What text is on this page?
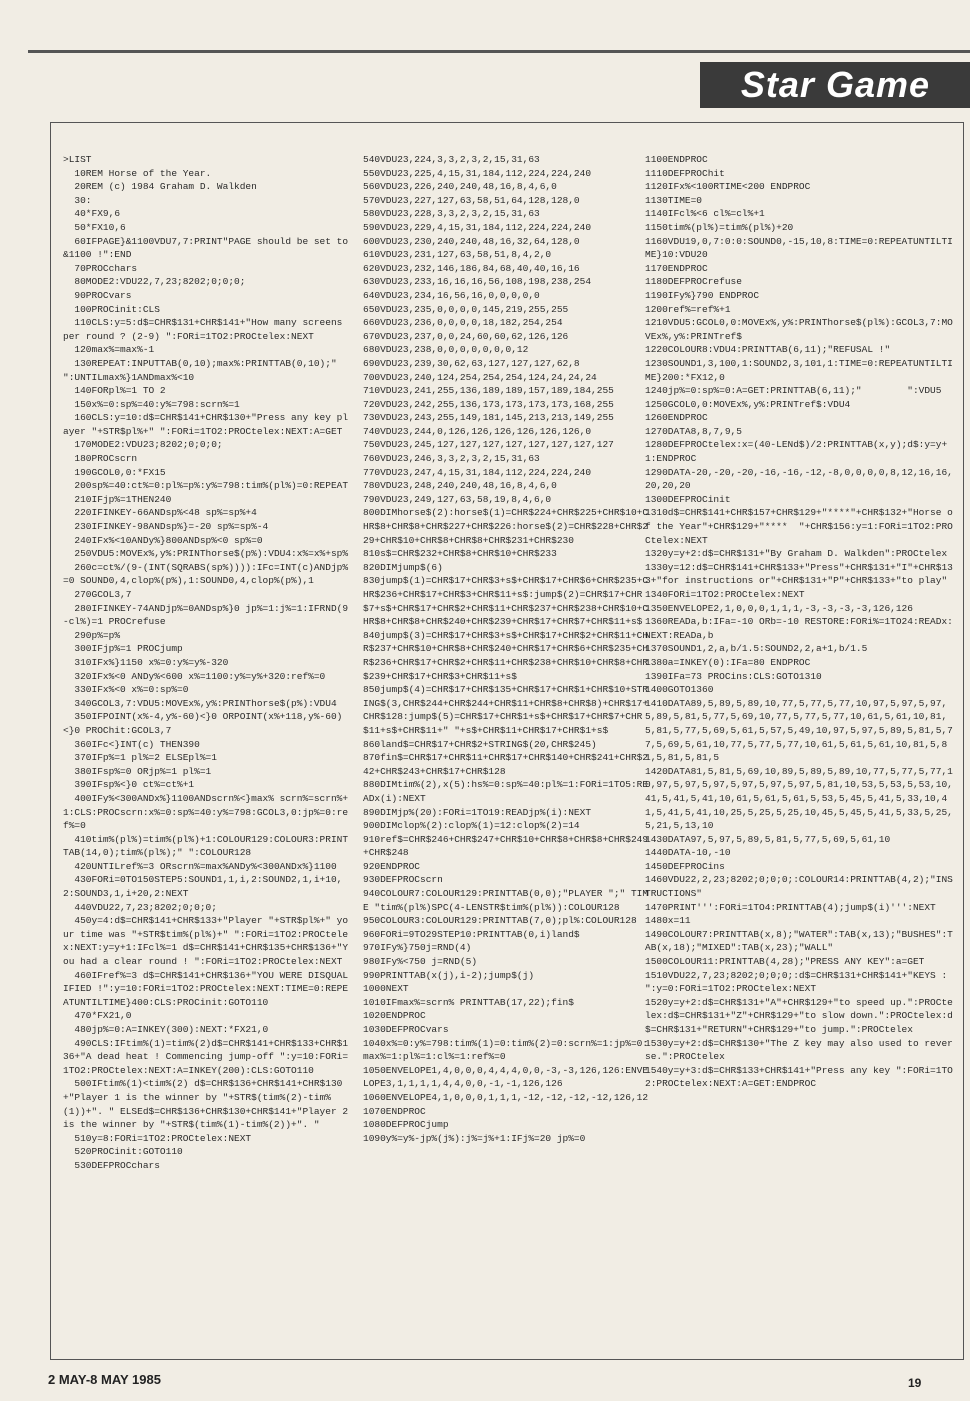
Star Game
>LIST
10REM Horse of the Year.
20REM (c) 1984 Graham D. Walkden
30:
40*FX9,6
50*FX10,6
60IFPAGE}&1100VDU7,7:PRINT"PAGE should be set to &1100 !":END
70PROCchars
80MODE2:VDU22,7,23;8202;0;0;0;
90PROCvars
100PROCinit:CLS
110CLS:y=5:d$=CHR$131+CHR$141+"How many screens per round ? (2-9) ":FORi=1TO2:PROCtelex:NEXT
120max%=max%-1
130REPEAT:INPUTTAB(0,10);max%:PRINTTAB(0,10);" ":UNTILmax%}1ANDmax%<10
140FORpl%=1 TO 2
150x%=0:sp%=40:y%=798:scrn%=1
160CLS:y=10:d$=CHR$141+CHR$130+"Press any key player "+STR$pl%+" ":FORi=1TO2:PROCtelex:NEXT:A=GET
170MODE2:VDU23;8202;0;0;0;
180PROCscrn
190GCOL0,0:*FX15
200sp%=40:ct%=0:pl%=p%:y%=798:tim%(pl%)=0:REPEAT
210IFjp%=1THEN240
220IFINKEY-66ANDsp%<48 sp%=sp%+4
230IFINKEY-98ANDsp%}=-20 sp%=sp%-4
240IFx%<10ANDy%}800ANDsp%<0 sp%=0
250VDU5:MOVEx%,y%:PRINThorse$(p%):VDU4:x%=x%+sp%
260c=ct%/(9-(INT(SQRABS(sp%)))):IFc=INT(c)ANDjp%=0 SOUND0,4,clop%(p%),1:SOUND0,4,clop%(p%),1
270GCOL3,7
280IFINKEY-74ANDjp%=0ANDsp%}0 jp%=1:j%=1:IFRND(9-cl%)=1 PROCrefuse
290p%=p%
300IFjp%=1 PROCjump
310IFx%}1150 x%=0:y%=y%-320
320IFx%<0 ANDy%<600 x%=1100:y%=y%+320:ref%=0
330IFx%<0 x%=0:sp%=0
340GCOL3,7:VDU5:MOVEx%,y%:PRINThorse$(p%):VDU4
350IFPOINT(x%-4,y%-60)<}0 ORPOINT(x%+118,y%-60)<}0 PROChit:GCOL3,7
360IFc<}INT(c) THEN390
370IFp%=1 pl%=2 ELSEpl%=1
380IFsp%=0 ORjp%=1 pl%=1
390IFsp%<}0 ct%=ct%+1
400IFy%<300ANDx%}1100ANDscrn%<}max% scrn%=scrn%+1:CLS:PROCscrn:x%=0:sp%=40:y%=798:GCOL3,0:jp%=0:ref%=0
410tim%(pl%)=tim%(pl%)+1:COLOUR129:COLOUR3:PRINTTAB(14,0);tim%(pl%);" ":COLOUR128
420UNTILref%=3 ORscrn%=max%ANDy%<300ANDx%}1100
430FORi=0TO150STEP5:SOUND1,1,i,2:SOUND2,1,i+10,2:SOUND3,1,i+20,2:NEXT
440VDU22,7,23;8202;0;0;0;
450y=4:d$=CHR$141+CHR$133+"Player "+STR$pl%+" your time was "+STR$tim%(pl%)+" ":FORi=1TO2:PROCtelex:NEXT:y=y+1:IFcl%=1 d$=CHR$141+CHR$135+CHR$136+"You had a clear round ! ":FORi=1TO2:PROCtelex:NEXT
460IFref%=3 d$=CHR$141+CHR$136+"YOU WERE DISQUALIFIED !":y=10:FORi=1TO2:PROCtelex:NEXT:TIME=0:REPEATUNTILTIME}400:CLS:PROCinit:GOTO110
470*FX21,0
480jp%=0:A=INKEY(300):NEXT:*FX21,0
490CLS:IFtim%(1)=tim%(2)d$=CHR$141+CHR$133+CHR$136+"A dead heat ! Commencing jump-off ":y=10:FORi=1TO2:PROCtelex:NEXT:A=INKEY(200):CLS:GOTO110
500IFtim%(1)<tim%(2) d$=CHR$136+CHR$141+CHR$130+"Player 1 is the winner by "+STR$(tim%(2)-tim%(1))+". " ELSEd$=CHR$136+CHR$130+CHR$141+"Player 2 is the winner by "+STR$(tim%(1)-tim%(2))+". "
510y=8:FORi=1TO2:PROCtelex:NEXT
520PROCinit:GOTO110
530DEFPROCchars
540VDU23,224,3,3,2,3,2,15,31,63
550VDU23,225,4,15,31,184,112,224,224,240
560VDU23,226,240,240,48,16,8,4,6,0
570VDU23,227,127,63,58,51,64,128,128,0
580VDU23,228,3,3,2,3,2,15,31,63
590VDU23,229,4,15,31,184,112,224,224,240
600VDU23,230,240,240,48,16,32,64,128,0
610VDU23,231,127,63,58,51,8,4,2,0
620VDU23,232,146,186,84,68,40,40,16,16
630VDU23,233,16,16,16,56,108,198,238,254
640VDU23,234,16,56,16,0,0,0,0,0
650VDU23,235,0,0,0,0,145,219,255,255
660VDU23,236,0,0,0,0,18,182,254,254
670VDU23,237,0,0,24,60,60,62,126,126
680VDU23,238,0,0,0,0,0,0,0,12
690VDU23,239,30,62,63,127,127,127,62,8
700VDU23,240,124,254,254,254,124,24,24,24
710VDU23,241,255,136,189,189,157,189,184,255
720VDU23,242,255,136,173,173,173,173,168,255
730VDU23,243,255,149,181,145,213,213,149,255
740VDU23,244,0,126,126,126,126,126,126,0
750VDU23,245,127,127,127,127,127,127,127,127
760VDU23,246,3,3,2,3,2,15,31,63
770VDU23,247,4,15,31,184,112,224,224,240
780VDU23,248,240,240,48,16,8,4,6,0
790VDU23,249,127,63,58,19,8,4,6,0
800DIMhorse$(2):horse$(1)=CHR$224+CHR$225+CHR$10+CHR$8+CHR$8+CHR$227+CHR$226:horse$(2)=CHR$228+CHR$229+CHR$10+CHR$8+CHR$8+CHR$231+CHR$230
810s$=CHR$232+CHR$8+CHR$10+CHR$233
820DIMjump$(6)
830jump$(1)=CHR$17+CHR$3+s$+CHR$17+CHR$6+CHR$235+CHR$236+CHR$17+CHR$3+CHR$11+s$:jump$(2)=CHR$17+CHR$7+s$+CHR$17+CHR$2+CHR$11+CHR$237+CHR$238+CHR$10+CHR$8+CHR$8+CHR$240+CHR$239+CHR$17+CHR$7+CHR$11+s$
840jump$(3)=CHR$17+CHR$3+s$+CHR$17+CHR$2+CHR$11+CHR$237+CHR$10+CHR$8+CHR$240+CHR$17+CHR$6+CHR$235+CHR$236+CHR$17+CHR$2+CHR$11+CHR$238+CHR$10+CHR$8+CHR$239+CHR$17+CHR$3+CHR$11+s$
850jump$(4)=CHR$17+CHR$135+CHR$17+CHR$1+CHR$10+STRING$(3,CHR$244+CHR$244+CHR$11+CHR$8+CHR$8)+CHR$17+CHR$128:jump$(5)=CHR$17+CHR$1+s$+CHR$17+CHR$7+CHR$11+s$+CHR$11+" "+s$+CHR$11+CHR$17+CHR$1+s$
860land$=CHR$17+CHR$2+STRING$(20,CHR$245)
870fin$=CHR$17+CHR$11+CHR$17+CHR$140+CHR$241+CHR$242+CHR$243+CHR$17+CHR$128
880DIMtim%(2),x(5):hs%=0:sp%=40:pl%=1:FORi=1TO5:READx(i):NEXT
890DIMjp%(20):FORi=1TO19:READjp%(i):NEXT
900DIMclop%(2):clop%(1)=12:clop%(2)=14
910ref$=CHR$246+CHR$247+CHR$10+CHR$8+CHR$8+CHR$249+CHR$248
920ENDPROC
930DEFPROCscrn
940COLOUR7:COLOUR129:PRINTTAB(0,0);"PLAYER ";" TIME "tim%(pl%)SPC(4-LENSTR$tim%(pl%)):COLOUR128
950COLOUR3:COLOUR129:PRINTTAB(7,0);pl%:COLOUR128
960FORi=9TO29STEP10:PRINTTAB(0,i)land$
970IFy%}750j=RND(4)
980IFy%<750 j=RND(5)
990PRINTTAB(x(j),i-2);jump$(j)
1000NEXT
1010IFmax%=scrn% PRINTTAB(17,22);fin$
1020ENDPROC
1030DEFPROCvars
1040x%=0:y%=798:tim%(1)=0:tim%(2)=0:scrn%=1:jp%=0:max%=1:pl%=1:cl%=1:ref%=0
1050ENVELOPE1,4,0,0,0,4,4,4,0,0,-3,-3,126,126:ENVELOPE3,1,1,1,1,4,4,0,0,-1,-1,126,126
1060ENVELOPE4,1,0,0,0,1,1,1,-12,-12,-12,-12,126,12
1070ENDPROC
1080DEFPROCjump
1090y%=y%-jp%(j%):j%=j%+1:IFj%=20 jp%=0
1100ENDPROC
1110DEFPROChit
1120IFx%<100RTIME<200 ENDPROC
1130TIME=0
1140IFcl%<6 cl%=cl%+1
1150tim%(pl%)=tim%(pl%)+20
1160VDU19,0,7:0:0:SOUND0,-15,10,8:TIME=0:REPEATUNTILTIME}10:VDU20
1170ENDPROC
1180DEFPROCrefuse
1190IFy%}790 ENDPROC
1200ref%=ref%+1
1210VDU5:GCOL0,0:MOVEx%,y%:PRINThorse$(pl%):GCOL3,7:MOVEx%,y%:PRINTref$
1220COLOUR8:VDU4:PRINTTAB(6,11);"REFUSAL !"
1230SOUND1,3,100,1:SOUND2,3,101,1:TIME=0:REPEATUNTILTIME}200:*FX12,0
1240jp%=0:sp%=0:A=GET:PRINTTAB(6,11);"        ":VDU5
1250GCOL0,0:MOVEx%,y%:PRINTref$:VDU4
1260ENDPROC
1270DATA8,8,7,9,5
1280DEFPROCtelex:x=(40-LENd$)/2:PRINTTAB(x,y);d$:y=y+1:ENDPROC
1290DATA-20,-20,-20,-16,-16,-12,-8,0,0,0,0,8,12,16,16,20,20,20
1300DEFPROCinit
1310d$=CHR$141+CHR$157+CHR$129+"****"+CHR$132+"Horse of the Year"+CHR$129+"****  "+CHR$156:y=1:FORi=1TO2:PROCtelex:NEXT
1320y=y+2:d$=CHR$131+"By Graham D. Walkden":PROCtelex
1330y=12:d$=CHR$141+CHR$133+"Press"+CHR$131+"I"+CHR$133+"for instructions or"+CHR$131+"P"+CHR$133+"to play"
1340FORi=1TO2:PROCtelex:NEXT
1350ENVELOPE2,1,0,0,0,1,1,1,-3,-3,-3,-3,126,126
1360READa,b:IFa=-10 ORb=-10 RESTORE:FORi%=1TO24:READx:NEXT:READa,b
1370SOUND1,2,a,b/1.5:SOUND2,2,a+1,b/1.5
1380a=INKEY(0):IFa=80 ENDPROC
1390IFa=73 PROCins:CLS:GOTO1310
1400GOTO1360
1410DATA89,5,89,5,89,10,77,5,77,5,77,10,97,5,97,5,97,5,89,5,81,5,77,5,69,10,77,5,77,5,77,10,61,5,61,10,81,5,81,5,77,5,69,5,61,5,57,5,49,10,97,5,97,5,89,5,81,5,77,5,69,5,61,10,77,5,77,5,77,10,61,5,61,5,61,10,81,5,81,5,81,5,81,5
1420DATA81,5,81,5,69,10,89,5,89,5,89,10,77,5,77,5,77,10,97,5,97,5,97,5,97,5,97,5,97,5,81,10,53,5,53,5,53,10,41,5,41,5,41,10,61,5,61,5,61,5,53,5,45,5,41,5,33,10,41,5,41,5,41,10,25,5,25,5,25,10,45,5,45,5,41,5,33,5,25,5,21,5,13,10
1430DATA97,5,97,5,89,5,81,5,77,5,69,5,61,10
1440DATA-10,-10
1450DEFPROCins
1460VDU22,2,23;8202;0;0;0;:COLOUR14:PRINTTAB(4,2);"INSTRUCTIONS"
1470PRINT''':FORi=1TO4:PRINTTAB(4);jump$(i)''':NEXT
1480x=11
1490COLOUR7:PRINTTAB(x,8);"WATER":TAB(x,13);"BUSHES":TAB(x,18);"MIXED":TAB(x,23);"WALL"
1500COLOUR11:PRINTTAB(4,28);"PRESS ANY KEY":a=GET
1510VDU22,7,23;8202;0;0;0;:d$=CHR$131+CHR$141+"KEYS : ":y=0:FORi=1TO2:PROCtelex:NEXT
1520y=y+2:d$=CHR$131+"A"+CHR$129+"to speed up.":PROCtelex:d$=CHR$131+"Z"+CHR$129+"to slow down.":PROCtelex:d$=CHR$131+"RETURN"+CHR$129+"to jump.":PROCtelex
1530y=y+2:d$=CHR$130+"The Z key may also used to reverse.":PROCtelex
1540y=y+3:d$=CHR$133+CHR$141+"Press any key ":FORi=1TO2:PROCtelex:NEXT:A=GET:ENDPROC
2 MAY-8 MAY 1985	19
